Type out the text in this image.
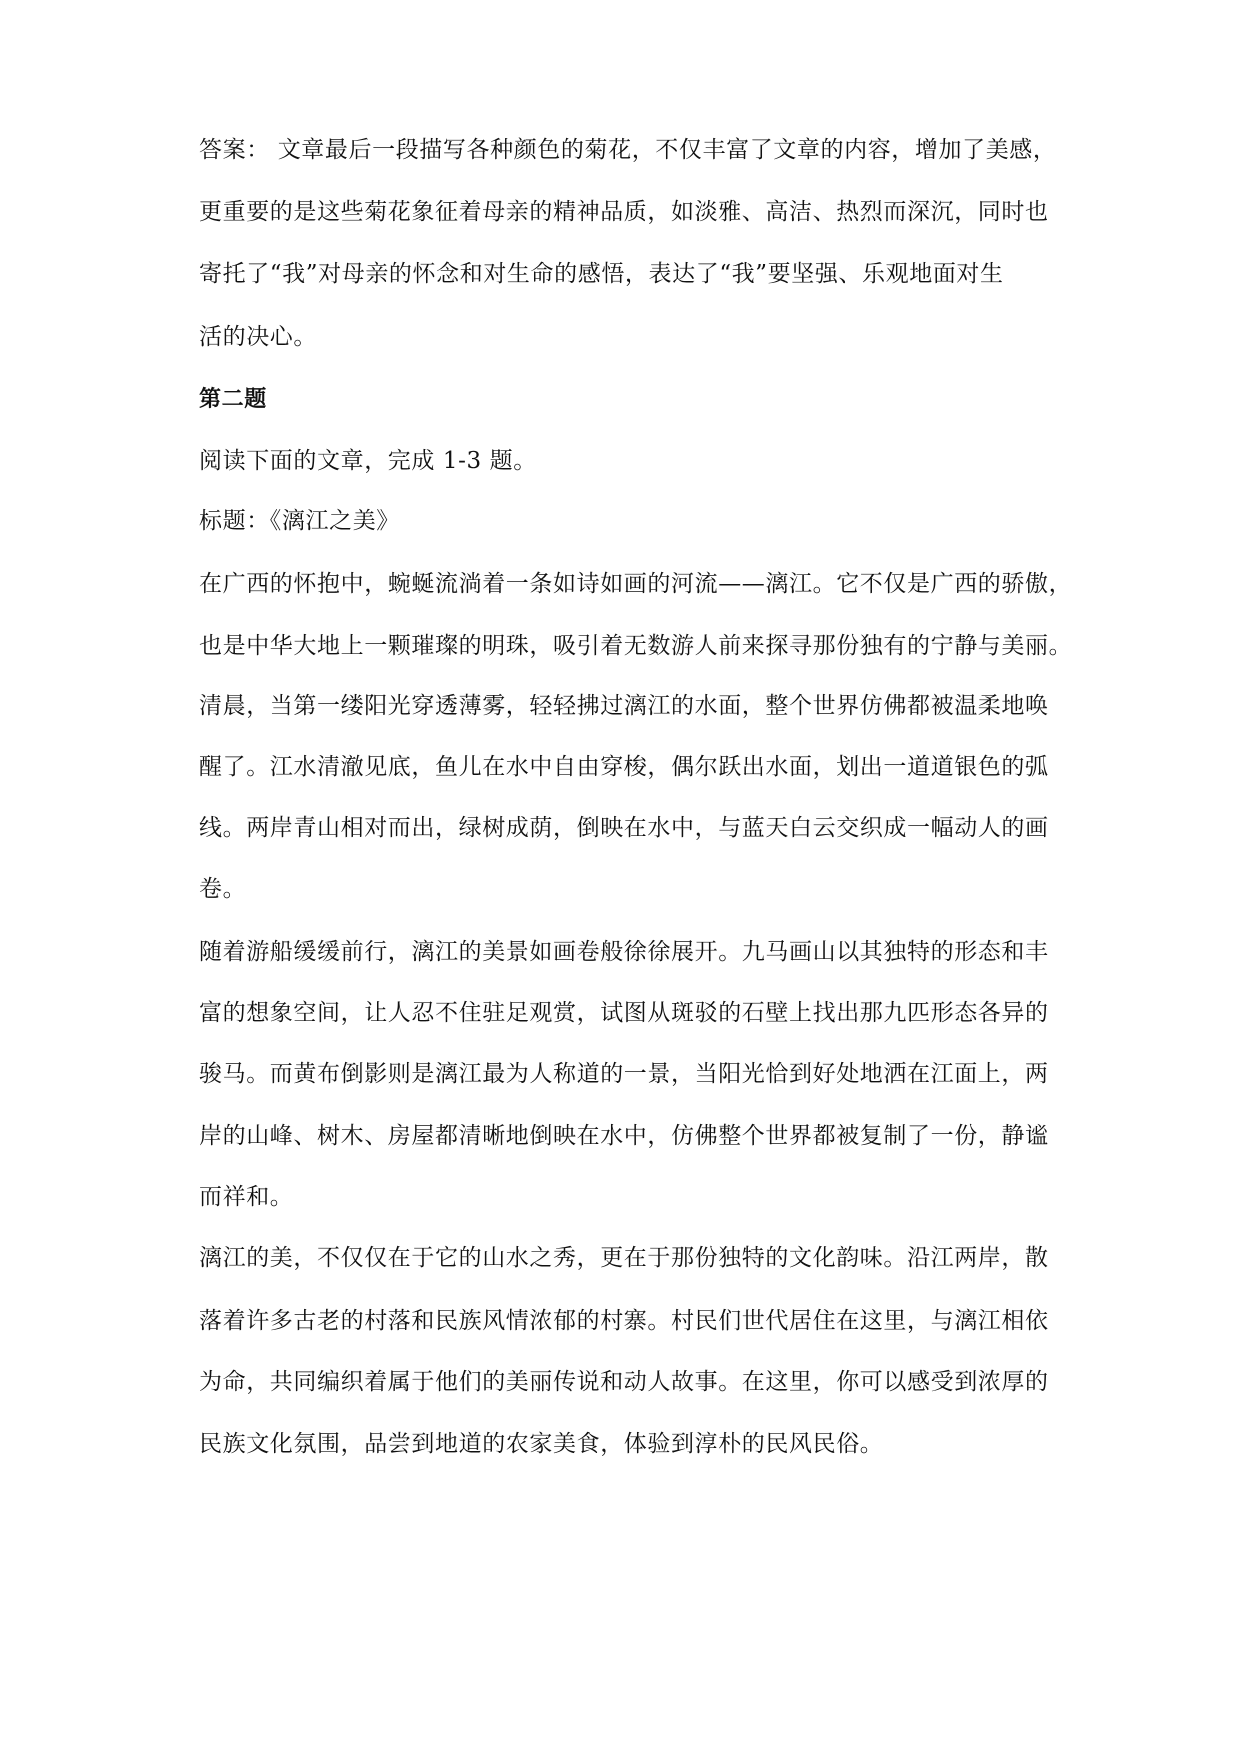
答案： 文章最后一段描写各种颜色的菊花，不仅丰富了文章的内容，增加了美感，
更重要的是这些菊花象征着母亲的精神品质，如淡雅、高洁、热烈而深沉，同时也
寄托了“我”对母亲的怀念和对生命的感悟，表达了“我”要坚强、乐观地面对生
活的决心。
第二题
阅读下面的文章，完成 1-3 题。
标题：《漓江之美》
在广西的怀抱中，蜿蜒流淌着一条如诗如画的河流——漓江。它不仅是广西的骄傲，
也是中华大地上一颗璀璨的明珠，吸引着无数游人前来探寻那份独有的宁静与美丽。
清晨，当第一缕阳光穿透薄雾，轻轻拂过漓江的水面，整个世界仿佛都被温柔地唤
醒了。江水清澈见底，鱼儿在水中自由穿梭，偶尔跃出水面，划出一道道银色的弧
线。两岸青山相对而出，绿树成荫，倒映在水中，与蓝天白云交织成一幅动人的画
卷。
随着游船缓缓前行，漓江的美景如画卷般徐徐展开。九马画山以其独特的形态和丰
富的想象空间，让人忍不住驻足观赏，试图从斑驳的石壁上找出那九匹形态各异的
骏马。而黄布倒影则是漓江最为人称道的一景，当阳光恰到好处地洒在江面上，两
岸的山峰、树木、房屋都清晰地倒映在水中，仿佛整个世界都被复制了一份，静谧
而祥和。
漓江的美，不仅仅在于它的山水之秀，更在于那份独特的文化韵味。沿江两岸，散
落着许多古老的村落和民族风情浓郁的村寨。村民们世代居住在这里，与漓江相依
为命，共同编织着属于他们的美丽传说和动人故事。在这里，你可以感受到浓厚的
民族文化氛围，品尝到地道的农家美食，体验到淳朴的民风民俗。
